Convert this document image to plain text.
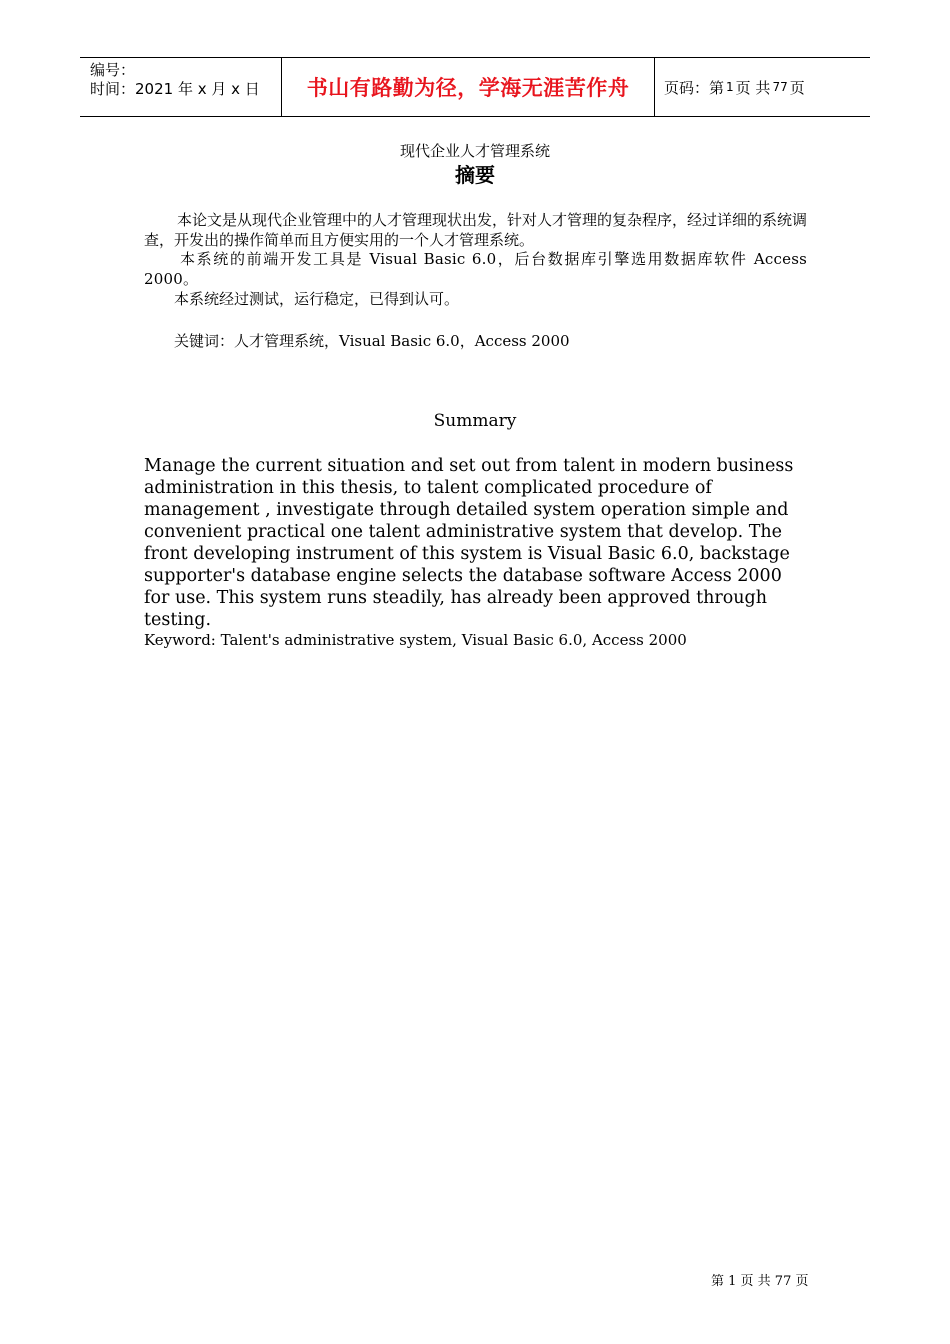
编号：
时间：2021 年 x 月 x 日	书山有路勤为径，学海无涯苦作舟 页码：第 1 页 共 77 页
现代企业人才管理系统
摘要

本论文是从现代企业管理中的人才管理现状出发，针对人才管理的复杂程序，经过详细的系统调查，开发出的操作简单而且方便实用的一个人才管理系统。

本系统的前端开发工具是 Visual Basic 6.0，后台数据库引擎选用数据库软件 Access 2000。

本系统经过测试，运行稳定，已得到认可。

关键词：人才管理系统，Visual Basic 6.0，Access 2000

Summary

Manage the current situation and set out from talent in modern business administration in this thesis, to talent complicated procedure of management , investigate through detailed system operation simple and convenient practical one talent administrative system that develop. The front developing instrument of this system is Visual Basic 6.0, backstage supporter's database engine selects the database software Access 2000 for use. This system runs steadily, has already been approved through testing.

Keyword: Talent's administrative system, Visual Basic 6.0, Access 2000

第 1 页 共 77 页
